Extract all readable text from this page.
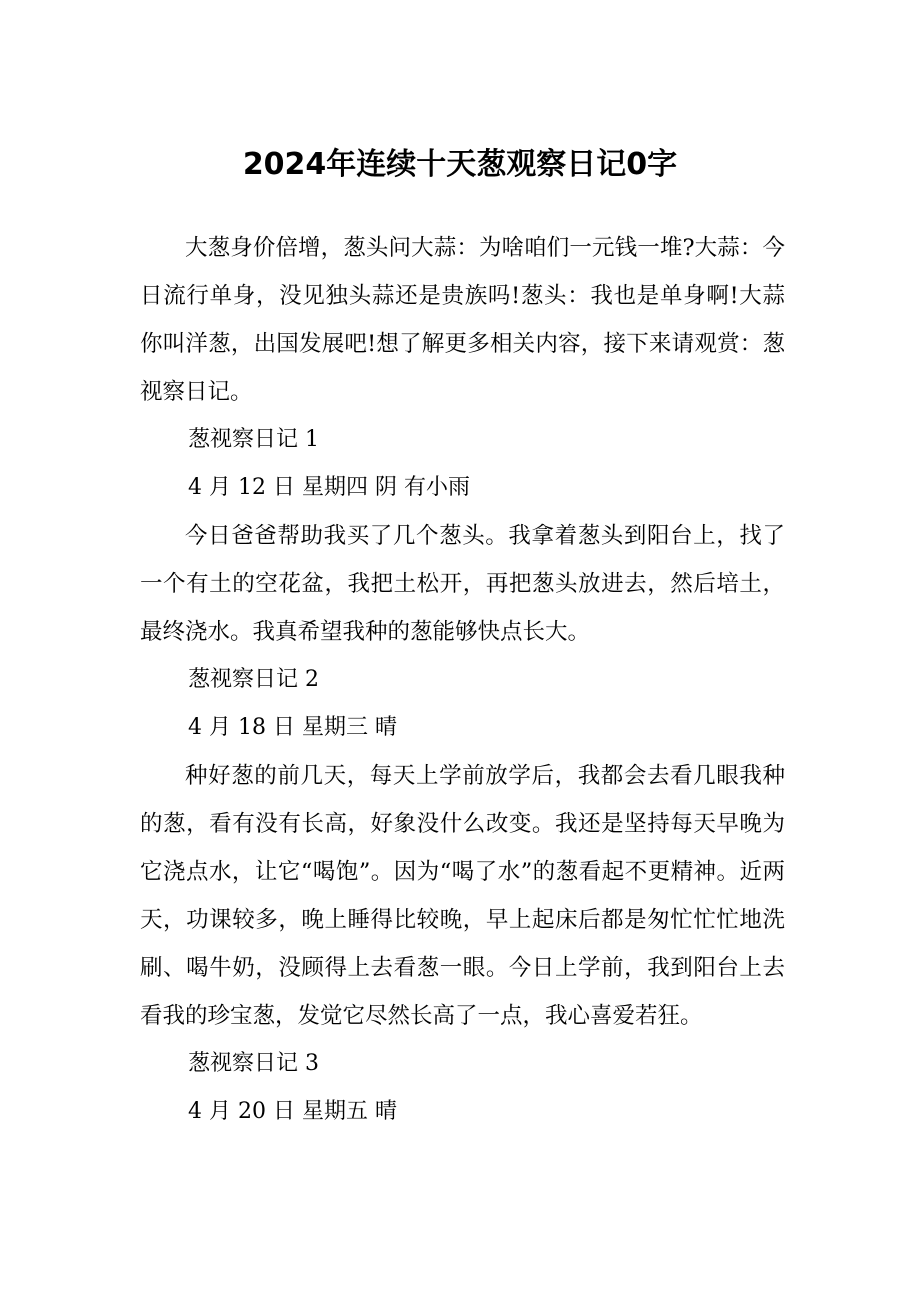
2024年连续十天葱观察日记0字

大葱身价倍增，葱头问大蒜：为啥咱们一元钱一堆?大蒜：今日流行单身，没见独头蒜还是贵族吗!葱头：我也是单身啊!大蒜 你叫洋葱，出国发展吧!想了解更多相关内容，接下来请观赏：葱视察日记。

葱视察日记 1

4 月 12 日 星期四 阴 有小雨

今日爸爸帮助我买了几个葱头。我拿着葱头到阳台上，找了一个有土的空花盆，我把土松开，再把葱头放进去，然后培土，最终浇水。我真希望我种的葱能够快点长大。

葱视察日记 2

4 月 18 日 星期三 晴

种好葱的前几天，每天上学前放学后，我都会去看几眼我种的葱，看有没有长高，好象没什么改变。我还是坚持每天早晚为它浇点水，让它“喝饱”。因为“喝了水”的葱看起不更精神。近两天，功课较多，晚上睡得比较晚，早上起床后都是匆忙忙忙地洗刷、喝牛奶，没顾得上去看葱一眼。今日上学前，我到阳台上去看我的珍宝葱，发觉它尽然长高了一点，我心喜爱若狂。

葱视察日记 3

4 月 20 日 星期五 晴
